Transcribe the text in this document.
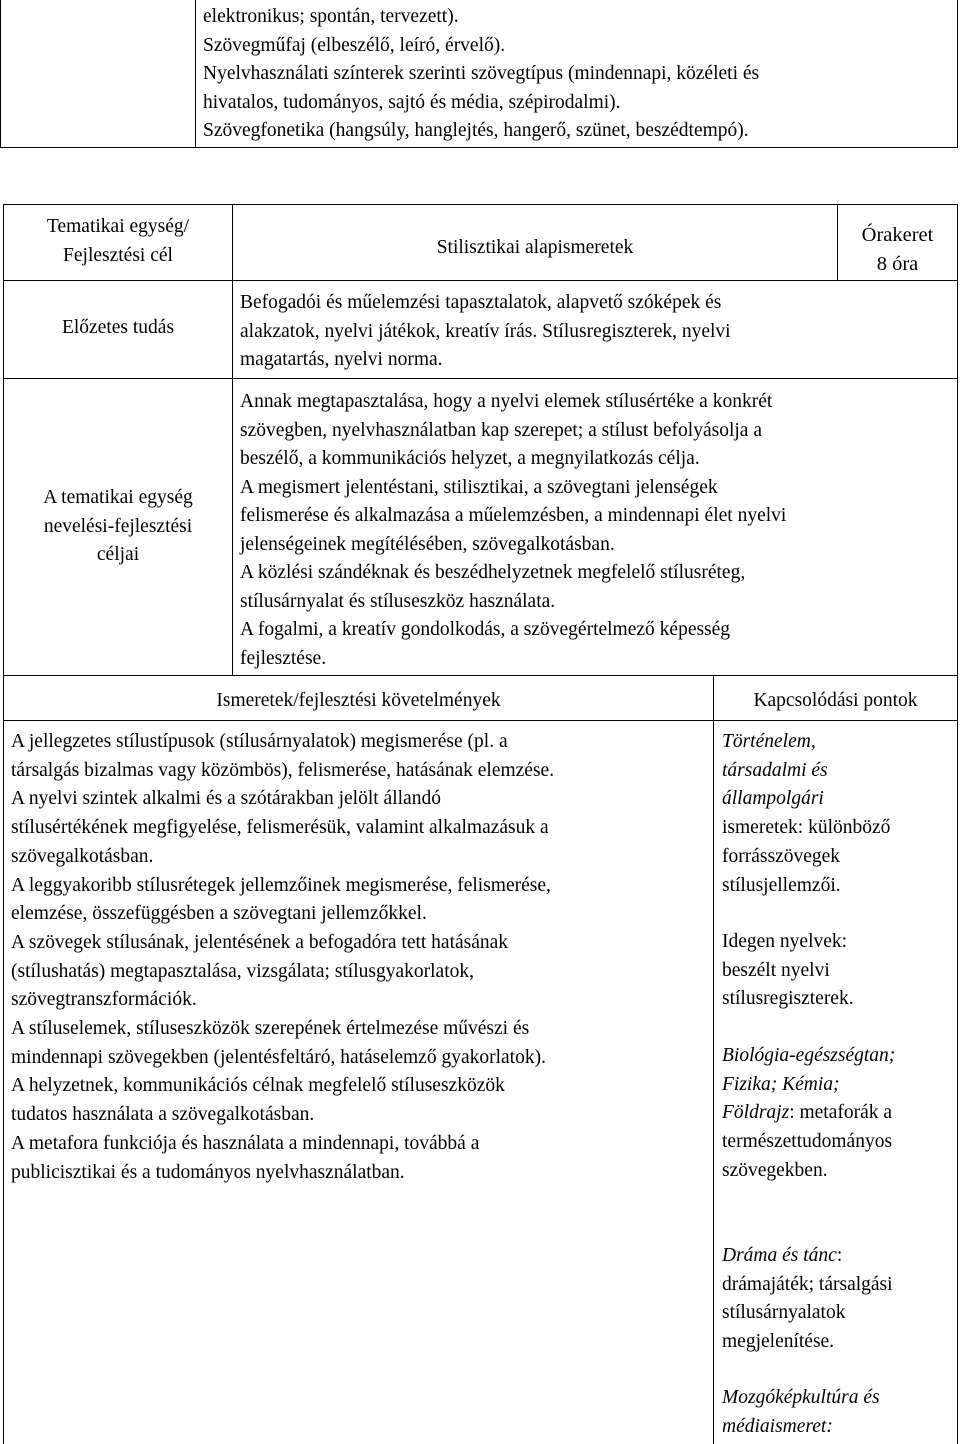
elektronikus; spontán, tervezett).
Szövegműfaj (elbeszélő, leíró, érvelő).
Nyelvhasználati színterek szerinti szövegtípus (mindennapi, közéleti és
hivatalos, tudományos, sajtó és média, szépirodalmi).
Szövegfonetika (hangsúly, hanglejtés, hangerő, szünet, beszédtempó).
Tematikai egység/
Fejlesztési cél	Stilisztikai alapismeretek
Órakeret
8 óra
Előzetes tudás
Befogadói és műelemzési tapasztalatok, alapvető szóképek és
alakzatok, nyelvi játékok, kreatív írás. Stílusregiszterek, nyelvi
magatartás, nyelvi norma.
A tematikai egység
nevelési-fejlesztési
céljai
Annak megtapasztalása, hogy a nyelvi elemek stílusértéke a konkrét
szövegben, nyelvhasználatban kap szerepet; a stílust befolyásolja a
beszélő, a kommunikációs helyzet, a megnyilatkozás célja.
A megismert jelentéstani, stilisztikai, a szövegtani jelenségek
felismerése és alkalmazása a műelemzésben, a mindennapi élet nyelvi
jelenségeinek megítélésében, szövegalkotásban.
A közlési szándéknak és beszédhelyzetnek megfelelő stílusréteg,
stílusárnyalat és stíluseszköz használata.
A fogalmi, a kreatív gondolkodás, a szövegértelmező képesség
fejlesztése.
Ismeretek/fejlesztési követelmények	Kapcsolódási pontok
A jellegzetes stílustípusok (stílusárnyalatok) megismerése (pl. a
társalgás bizalmas vagy közömbös), felismerése, hatásának elemzése.
A nyelvi szintek alkalmi és a szótárakban jelölt állandó
stílusértékének megfigyelése, felismerésük, valamint alkalmazásuk a
szövegalkotásban.
A leggyakoribb stílusrétegek jellemzőinek megismerése, felismerése,
elemzése, összefüggésben a szövegtani jellemzőkkel.
A szövegek stílusának, jelentésének a befogadóra tett hatásának
(stílushatás) megtapasztalása, vizsgálata; stílusgyakorlatok,
szövegtranszformációk.
A stíluselemek, stíluseszközök szerepének értelmezése művészi és
mindennapi szövegekben (jelentésfeltáró, hatáselemző gyakorlatok).
A helyzetnek, kommunikációs célnak megfelelő stíluseszközök
tudatos használata a szövegalkotásban.
A metafora funkciója és használata a mindennapi, továbbá a
publicisztikai és a tudományos nyelvhasználatban.
Történelem,
társadalmi és
állampolgári
ismeretek: különböző
forrásszövegek
stílusjellemzői.
Idegen nyelvek:
beszélt nyelvi
stílusregiszterek.
Biológia-egészségtan;
Fizika; Kémia;
Földrajz: metaforák a
természettudományos
szövegekben.
Dráma és tánc:
drámajáték; társalgási
stílusárnyalatok
megjelenítése.
Mozgóképkultúra és
médiaismeret:
